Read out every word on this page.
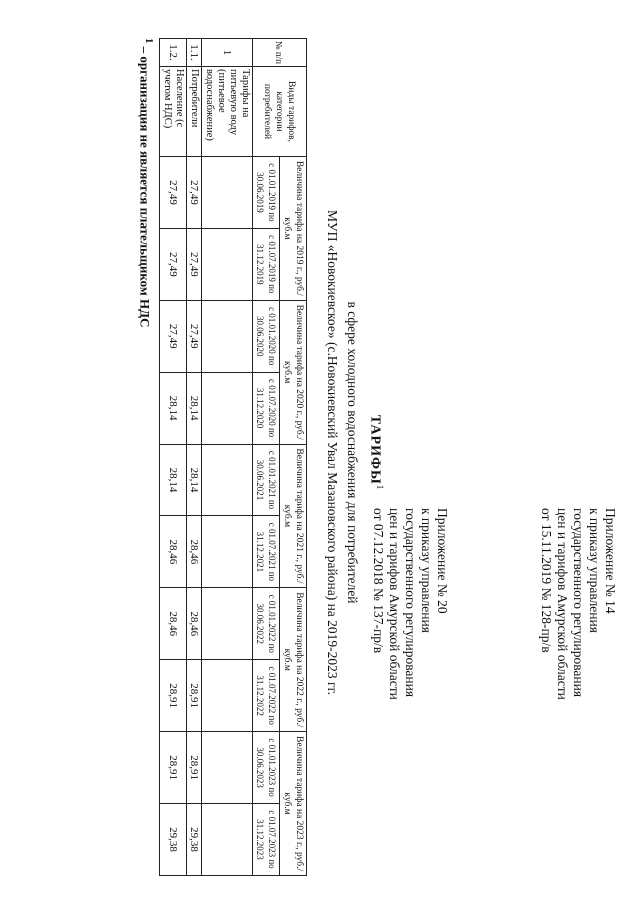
Приложение № 14
к приказу управления
государственного регулирования
цен и тарифов Амурской области
от 15.11.2019 № 128-пр/в
Приложение № 20
к приказу управления
государственного регулирования
цен и тарифов Амурской области
от 07.12.2018 № 137-пр/в
ТАРИФЫ$^1$
в сфере холодного водоснабжения для потребителей
МУП «Новокиевское» (с.Новокиевский Увал Мазановского района) на 2019-2023 гг.
№ п/п	Виды тарифов, категории потребителей	Величина тарифа на 2019 г., руб./куб.м		Величина тарифа на 2020 г., руб./куб.м		Величина тарифа на 2021 г., руб./куб.м		Величина тарифа на 2022 г., руб./куб.м		Величина тарифа на 2023 г., руб./куб.м	
		с 01.01.2019 по 30.06.2019	с 01.07.2019 по 31.12.2019	с 01.01.2020 по 30.06.2020	с 01.07.2020 по 31.12.2020	с 01.01.2021 по 30.06.2021	с 01.07.2021 по 31.12.2021	с 01.01.2022 по 30.06.2022	с 01.07.2022 по 31.12.2022	с 01.01.2023 по 30.06.2023	с 01.07.2023 по 31.12.2023
1	Тарифы на питьевую воду (питьевое водоснабжение)										
1.1.	Потребители	27,49	27,49	27,49	28,14	28,14	28,46	28,46	28,91	28,91	29,38
1.2.	Население (с учетом НДС)	27,49	27,49	27,49	28,14	28,14	28,46	28,46	28,91	28,91	29,38
$^1$ – организация не является плательщиком НДС
